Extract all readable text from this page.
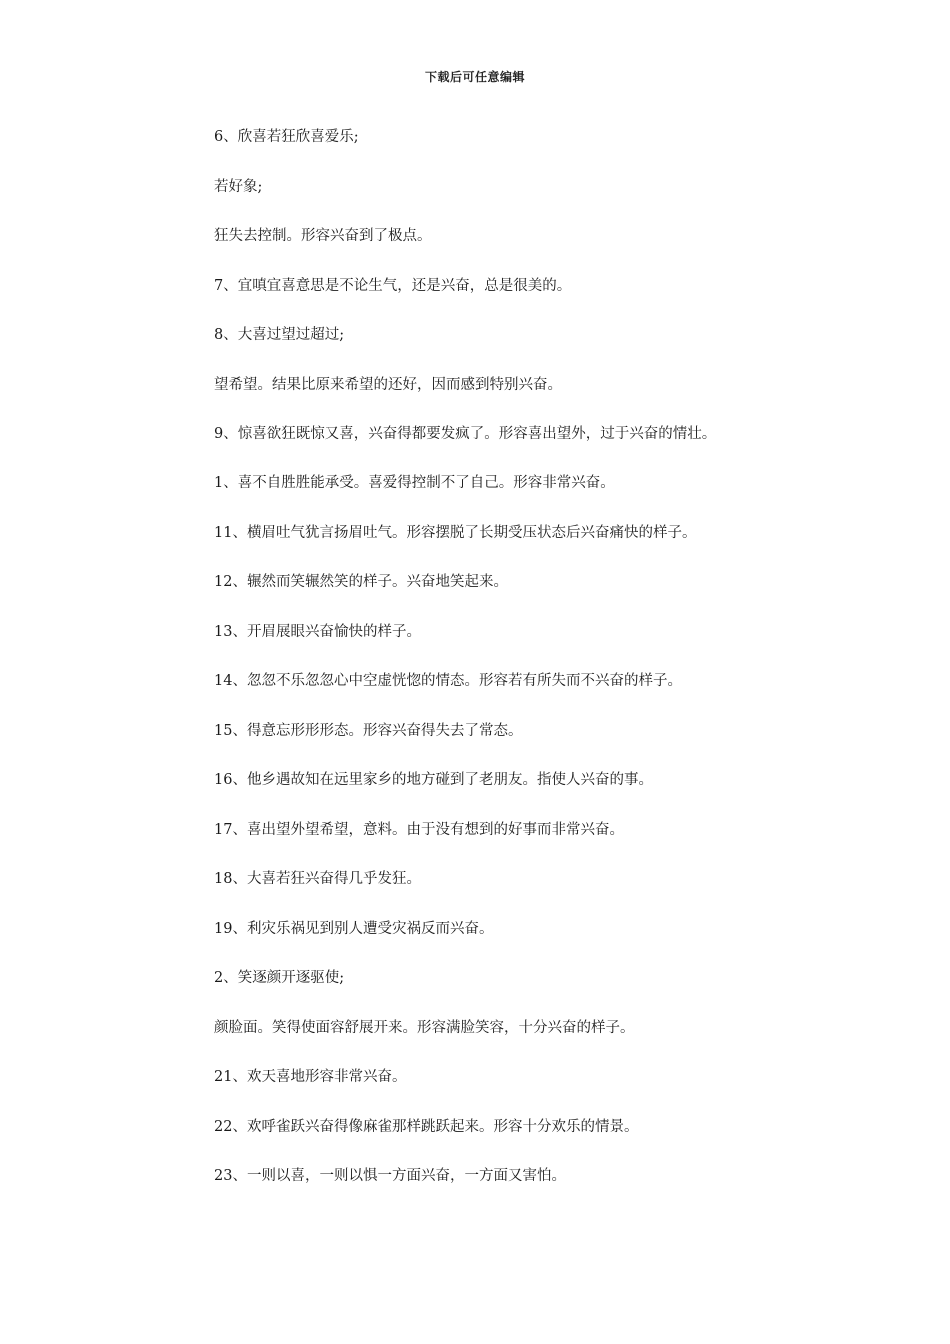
下载后可任意编辑

6、欣喜若狂欣喜爱乐;

若好象;

狂失去控制。形容兴奋到了极点。

7、宜嗔宜喜意思是不论生气，还是兴奋，总是很美的。

8、大喜过望过超过;

望希望。结果比原来希望的还好，因而感到特别兴奋。

9、惊喜欲狂既惊又喜，兴奋得都要发疯了。形容喜出望外，过于兴奋的情壮。

1、喜不自胜胜能承受。喜爱得控制不了自己。形容非常兴奋。

11、横眉吐气犹言扬眉吐气。形容摆脱了长期受压状态后兴奋痛快的样子。

12、辗然而笑辗然笑的样子。兴奋地笑起来。

13、开眉展眼兴奋愉快的样子。

14、忽忽不乐忽忽心中空虚恍惚的情态。形容若有所失而不兴奋的样子。

15、得意忘形形形态。形容兴奋得失去了常态。

16、他乡遇故知在远里家乡的地方碰到了老朋友。指使人兴奋的事。

17、喜出望外望希望，意料。由于没有想到的好事而非常兴奋。

18、大喜若狂兴奋得几乎发狂。

19、利灾乐祸见到别人遭受灾祸反而兴奋。

2、笑逐颜开逐驱使;

颜脸面。笑得使面容舒展开来。形容满脸笑容，十分兴奋的样子。

21、欢天喜地形容非常兴奋。

22、欢呼雀跃兴奋得像麻雀那样跳跃起来。形容十分欢乐的情景。

23、一则以喜，一则以惧一方面兴奋，一方面又害怕。
